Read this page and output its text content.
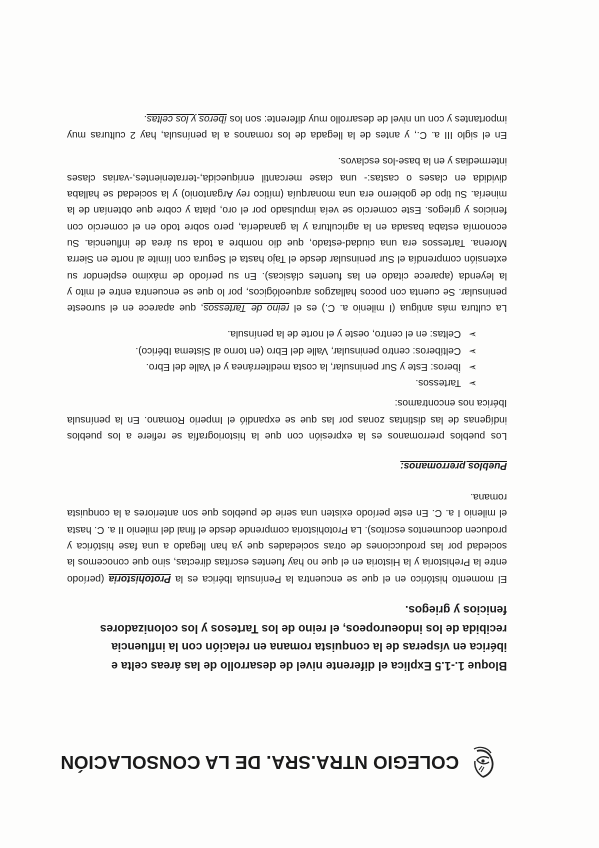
COLEGIO NTRA.SRA. DE LA CONSOLACIÓN
Bloque 1.-1.5 Explica el diferente nivel de desarrollo de las áreas celta e ibérica en vísperas de la conquista romana en relación con la influencia recibida de los indoeuropeos, el reino de los Tartesos y los colonizadores fenicios y griegos.

El momento histórico en el que se encuentra la Península Ibérica es la Protohistoria (período entre la Prehistoria y la Historia en el que no hay fuentes escritas directas, sino que conocemos la sociedad por las producciones de otras sociedades que ya han llegado a una fase histórica y producen documentos escritos). La Protohistoria comprende desde el final del milenio II a. C. hasta el milenio I a. C. En este período existen una serie de pueblos que son anteriores a la conquista romana.

Pueblos prerromanos:

Los pueblos prerromanos es la expresión con que la historiografía se refiere a los pueblos indígenas de las distintas zonas por las que se expandió el Imperio Romano. En la península Ibérica nos encontramos:

➢
Tartessos.
➢
Íberos: Este y Sur peninsular, la costa mediterránea y el Valle del Ebro.
➢
Celtíberos: centro peninsular, Valle del Ebro (en torno al Sistema Ibérico).
➢
Celtas: en el centro, oeste y el norte de la península.

La cultura más antigua (I milenio a. C.) es el reino de Tartessos, que aparece en el suroeste peninsular. Se cuenta con pocos hallazgos arqueológicos, por lo que se encuentra entre el mito y la leyenda (aparece citado en las fuentes clásicas). En su período de máximo esplendor su extensión comprendía el Sur peninsular desde el Tajo hasta el Segura con límite al norte en Sierra Morena. Tartessos era una ciudad-estado, que dio nombre a toda su área de influencia. Su economía estaba basada en la agricultura y la ganadería, pero sobre todo en el comercio con fenicios y griegos. Este comercio se veía impulsado por el oro, plata y cobre que obtenían de la minería. Su tipo de gobierno era una monarquía (mítico rey Argantonio) y la sociedad se hallaba dividida en clases o castas:- una clase mercantil enriquecida,-terratenientes,-varias clases intermedias y en la base-los esclavos.

En el siglo III a. C., y antes de la llegada de los romanos a la península, hay 2 culturas muy importantes y con un nivel de desarrollo muy diferente: son los íberos y los celtas.
